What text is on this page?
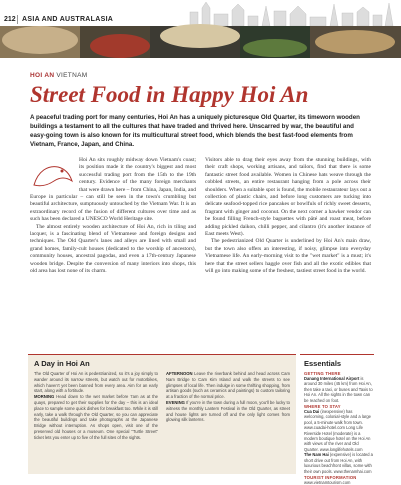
212 ASIA AND AUSTRALASIA
HOI AN VIETNAM
Street Food in Happy Hoi An

A peaceful trading port for many centuries, Hoi An has a uniquely picturesque Old Quarter, its timeworn wooden buildings a testament to all the cultures that have traded and thrived here. Unscarred by war, the beautiful and easy-going town is also known for its multicultural street food, which blends the best fast-food elements from Vietnam, France, Japan, and China.

Hoi An sits roughly midway down Vietnam's coast; its position made it the country's biggest and most successful trading port from the 15th to the 19th century. Evidence of the many foreign merchants that were drawn here – from China, Japan, India, and Europe in particular – can still be seen in the town's crumbling but beautiful architecture, sumptuously untouched by the Vietnam War. It is an extraordinary record of the fusion of different cultures over time and as such has been declared a UNESCO World Heritage site.

The almost entirely wooden architecture of Hoi An, rich in tiling and lacquer, is a fascinating blend of Vietnamese and foreign designs and techniques. The Old Quarter's lanes and alleys are lined with small and grand homes, family-cult houses (dedicated to the worship of ancestors), community houses, ancestral pagodas, and even a 17th-century Japanese wooden bridge. Despite the conversion of many interiors into shops, this old area has lost none of its charm.

Visitors able to drag their eyes away from the stunning buildings, with their craft shops, working artisans, and tailors, find that there is some fantastic street food available. Women in Chinese hats weave through the cobbled streets, an entire restaurant hanging from a pole across their shoulders. When a suitable spot is found, the mobile restaurateur lays out a collection of plastic chairs, and before long customers are tucking into delicate seafood-topped rice pancakes or bowlfuls of richly sweet desserts, fragrant with ginger and coconut. On the next corner a hawker vendor can be found filling French-style baguettes with pâté and roast meat, before adding pickled daikon, chilli pepper, and cilantro (it's another instance of East meets West).

The pedestrianized Old Quarter is underlined by Hoi An's main draw, but the town also offers an interesting, if noisy, glimpse into everyday Vietnamese life. An early-morning visit to the "wet market" is a must; it's here that the street sellers haggle over fish and all the exotic edibles that will go into making some of the freshest, tastiest street food in the world.

A Day in Hoi An

The Old Quarter of Hoi An is pedestrianized, so it's a joy simply to wander around its narrow streets, but watch out for motorbikes, which haven't yet been banned from every area. Aim for an early start, along with a fortitude.

MORNING Head down to the wet market before 7am as at the quays, prepared to get their supplies for the day – this is an ideal place to sample some quick dishes for breakfast too. While it is still early, take a walk through the Old Quarter, so you can appreciate the beautiful buildings and take photographs at the Japanese Bridge without interruption. As shops open, visit one of the preserved old houses or a museum. One special "Turtle Street" ticket lets you enter up to five of the full sites of the sights.

AFTERNOON Leave the riverbank behind and head across Cam Nam Bridge to Cam Kim Island and walk the streets to see glimpses of local life. Then indulge in some thrifting shopping, from artisan goods (such as ceramics and paintings) to custom tailoring at a fraction of the normal price.

EVENING If you're in the town during a full moon, you'll be lucky to witness the monthly Lantern Festival in the Old Quarter, as street and house lights are turned off and the only light comes from glowing silk lanterns.

Essentials
GETTING THERE

Danang International Airport is around 30 miles (45 km) from Hoi An, then take a taxi, or buses and Taxis to Hoi An. All the sights in the town can be reached on foot.

WHERE TO STAY

Cua Dai (inexpensive) has welcoming, colonial-style and a large pool, a 5-minute walk from town. www.cuadai-hotel.com Long Life Riverside Hotel (moderate) is a modern boutique hotel on the Hoi An with views of the river and Old Quarter. www.longlifehotels.com

The Nam Hai (expensive) is located a short drive out from Hoi An, with luxurious beachfront villas, some with their own pools. www.thenamhai.com

TOURIST INFORMATION

www.vietnamtourism.com
